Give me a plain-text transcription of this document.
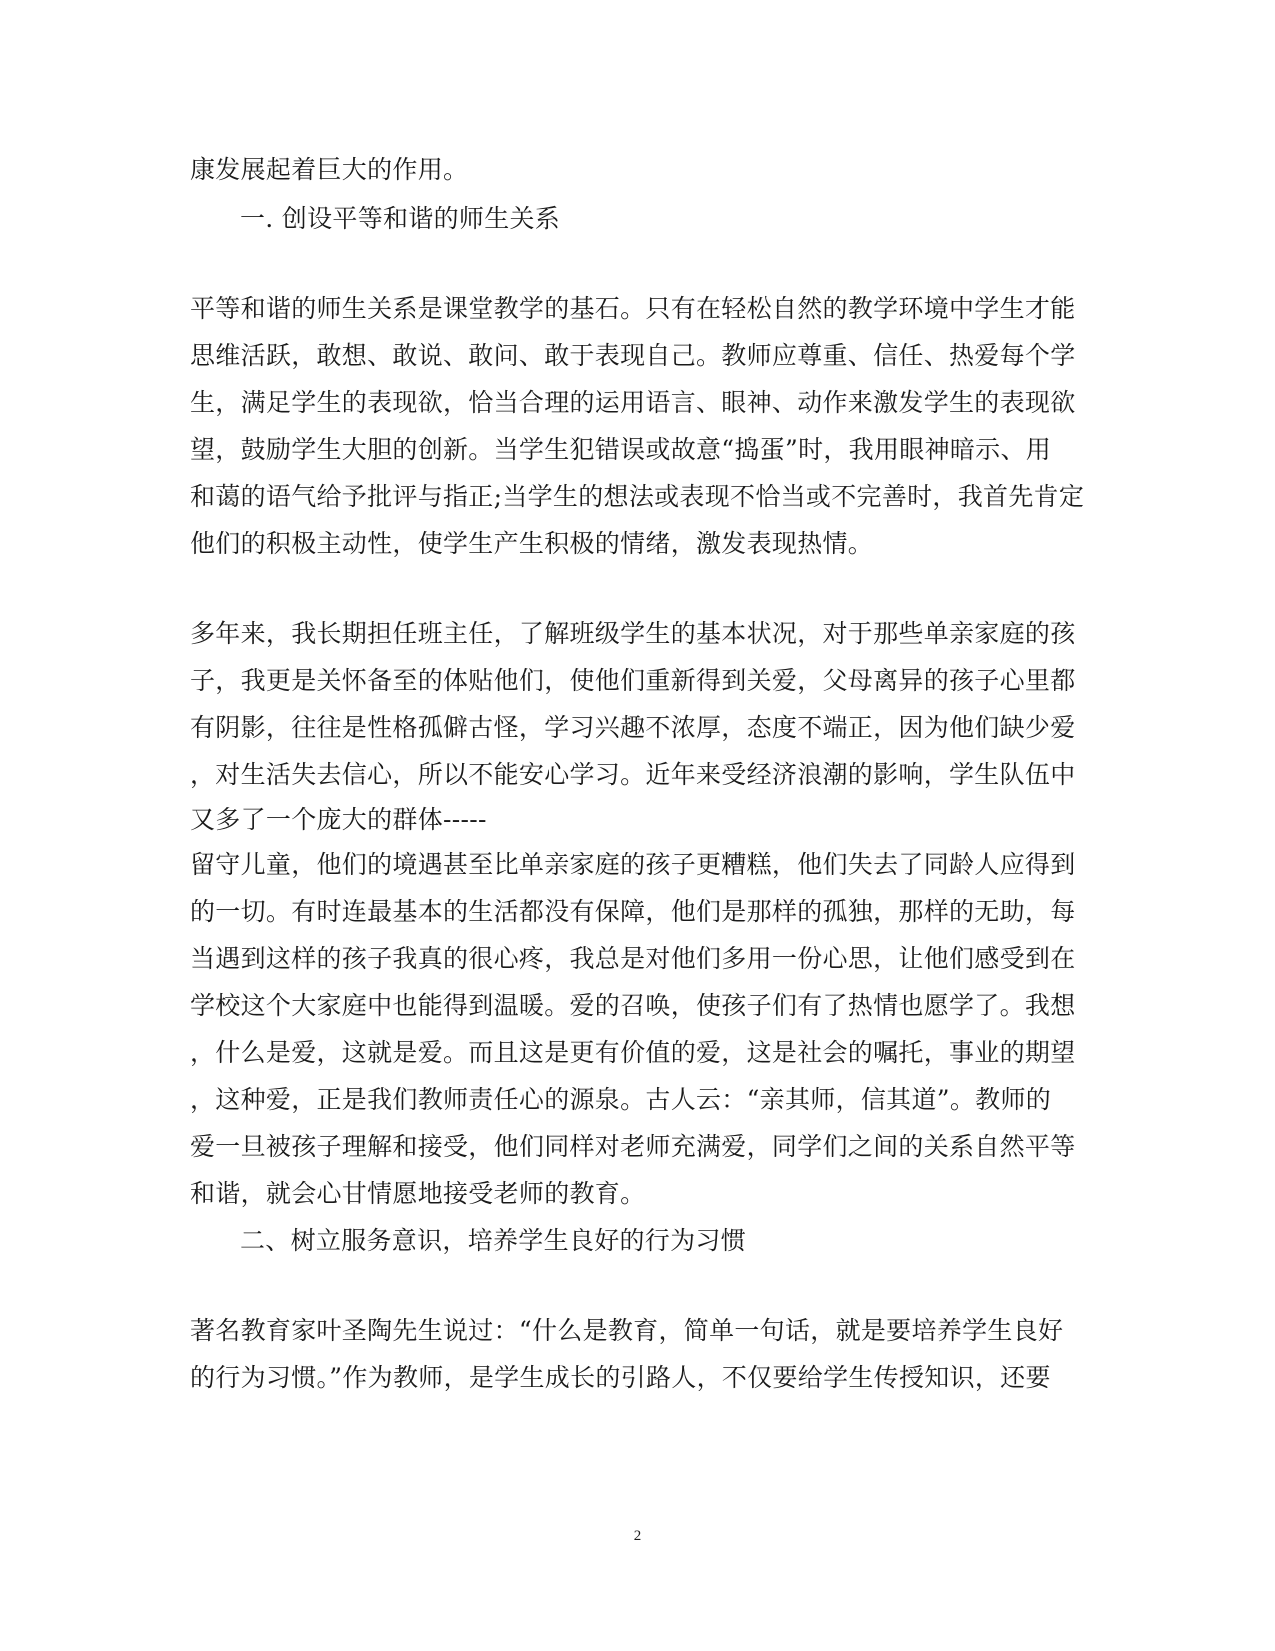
康发展起着巨大的作用。
一. 创设平等和谐的师生关系
平等和谐的师生关系是课堂教学的基石。只有在轻松自然的教学环境中学生才能
思维活跃，敢想、敢说、敢问、敢于表现自己。教师应尊重、信任、热爱每个学
生，满足学生的表现欲，恰当合理的运用语言、眼神、动作来激发学生的表现欲
望，鼓励学生大胆的创新。当学生犯错误或故意“捣蛋”时，我用眼神暗示、用
和蔼的语气给予批评与指正;当学生的想法或表现不恰当或不完善时，我首先肯定
他们的积极主动性，使学生产生积极的情绪，激发表现热情。
多年来，我长期担任班主任，了解班级学生的基本状况，对于那些单亲家庭的孩
子，我更是关怀备至的体贴他们，使他们重新得到关爱，父母离异的孩子心里都
有阴影，往往是性格孤僻古怪，学习兴趣不浓厚，态度不端正，因为他们缺少爱
，对生活失去信心，所以不能安心学习。近年来受经济浪潮的影响，学生队伍中
又多了一个庞大的群体-----
留守儿童，他们的境遇甚至比单亲家庭的孩子更糟糕，他们失去了同龄人应得到
的一切。有时连最基本的生活都没有保障，他们是那样的孤独，那样的无助，每
当遇到这样的孩子我真的很心疼，我总是对他们多用一份心思，让他们感受到在
学校这个大家庭中也能得到温暖。爱的召唤，使孩子们有了热情也愿学了。我想
，什么是爱，这就是爱。而且这是更有价值的爱，这是社会的嘱托，事业的期望
，这种爱，正是我们教师责任心的源泉。古人云：“亲其师，信其道”。教师的
爱一旦被孩子理解和接受，他们同样对老师充满爱，同学们之间的关系自然平等
和谐，就会心甘情愿地接受老师的教育。
二、树立服务意识，培养学生良好的行为习惯
著名教育家叶圣陶先生说过：“什么是教育，简单一句话，就是要培养学生良好
的行为习惯。”作为教师，是学生成长的引路人，不仅要给学生传授知识，还要
2
